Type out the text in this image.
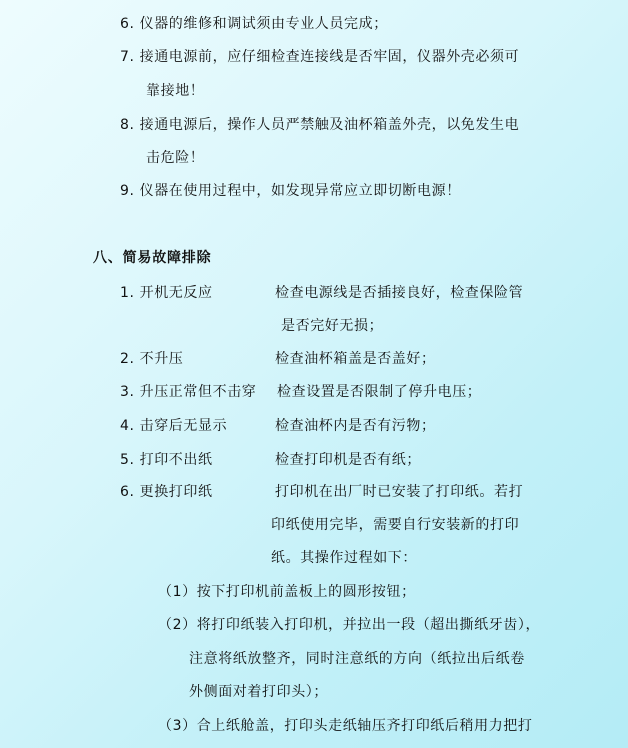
6. 仪器的维修和调试须由专业人员完成；
7. 接通电源前，应仔细检查连接线是否牢固，仪器外壳必须可
靠接地！
8. 接通电源后，操作人员严禁触及油杯箱盖外壳，以免发生电
击危险！
9. 仪器在使用过程中，如发现异常应立即切断电源！
八、简易故障排除
1. 开机无反应	检查电源线是否插接良好，检查保险管
是否完好无损；
2. 不升压	检查油杯箱盖是否盖好；
3. 升压正常但不击穿 检查设置是否限制了停升电压；
4. 击穿后无显示	检查油杯内是否有污物；
5. 打印不出纸	检查打印机是否有纸；
6. 更换打印纸	打印机在出厂时已安装了打印纸。若打
印纸使用完毕，需要自行安装新的打印
纸。其操作过程如下：
（1）按下打印机前盖板上的圆形按钮；
（2）将打印纸装入打印机，并拉出一段（超出撕纸牙齿），
注意将纸放整齐，同时注意纸的方向（纸拉出后纸卷
外侧面对着打印头）；
（3）合上纸舱盖，打印头走纸轴压齐打印纸后稍用力把打
